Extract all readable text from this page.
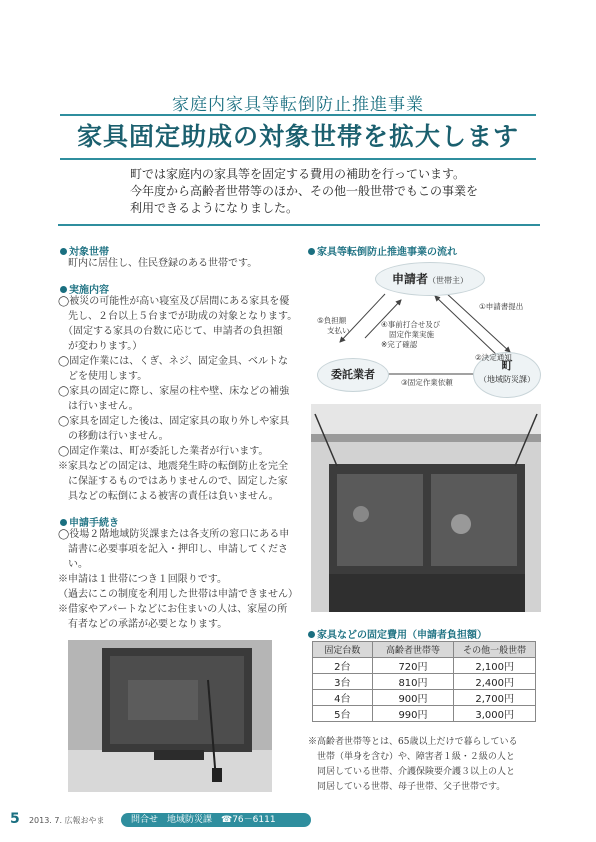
家庭内家具等転倒防止推進事業
家具固定助成の対象世帯を拡大します

町では家庭内の家具等を固定する費用の補助を行っています。

今年度から高齢者世帯等のほか、その他一般世帯でもこの事業を

利用できるようになりました。

対象世帯

町内に居住し、住民登録のある世帯です。

実施内容

◯被災の可能性が高い寝室及び居間にある家具を優

　先し、２台以上５台までが助成の対象となります。

　（固定する家具の台数に応じて、申請者の負担額

　が変わります。）

◯固定作業には、くぎ、ネジ、固定金具、ベルトな

　どを使用します。

◯家具の固定に際し、家屋の柱や壁、床などの補強

　は行いません。

◯家具を固定した後は、固定家具の取り外しや家具

　の移動は行いません。

◯固定作業は、町が委託した業者が行います。

※家具などの固定は、地震発生時の転倒防止を完全

　に保証するものではありませんので、固定した家

　具などの転倒による被害の責任は負いません。

申請手続き

◯役場２階地域防災課または各支所の窓口にある申

　請書に必要事項を記入・押印し、申請してくださ

　い。

※申請は１世帯につき１回限りです。

（過去にこの制度を利用した世帯は申請できません）

※借家やアパートなどにお住まいの人は、家屋の所

　有者などの承諾が必要となります。

家具等転倒防止推進事業の流れ
申請者（世帯主）
委託業者
町
（地域防災課）
①申請書提出
②決定通知
③固定作業依頼
④事前打合せ及び
固定作業実施
※完了確認
⑤負担額
支払い
家具などの固定費用（申請者負担額）
固定台数	高齢者世帯等	その他一般世帯
2台	720円	2,100円
3台	810円	2,400円
4台	900円	2,700円
5台	990円	3,000円

※高齢者世帯等とは、65歳以上だけで暮らしている

　世帯（単身を含む）や、障害者１級・２級の人と

　同居している世帯、介護保険要介護３以上の人と

　同居している世帯、母子世帯、父子世帯です。

5 2013. 7. 広報おやま	問合せ　地域防災課　☎76－6111
